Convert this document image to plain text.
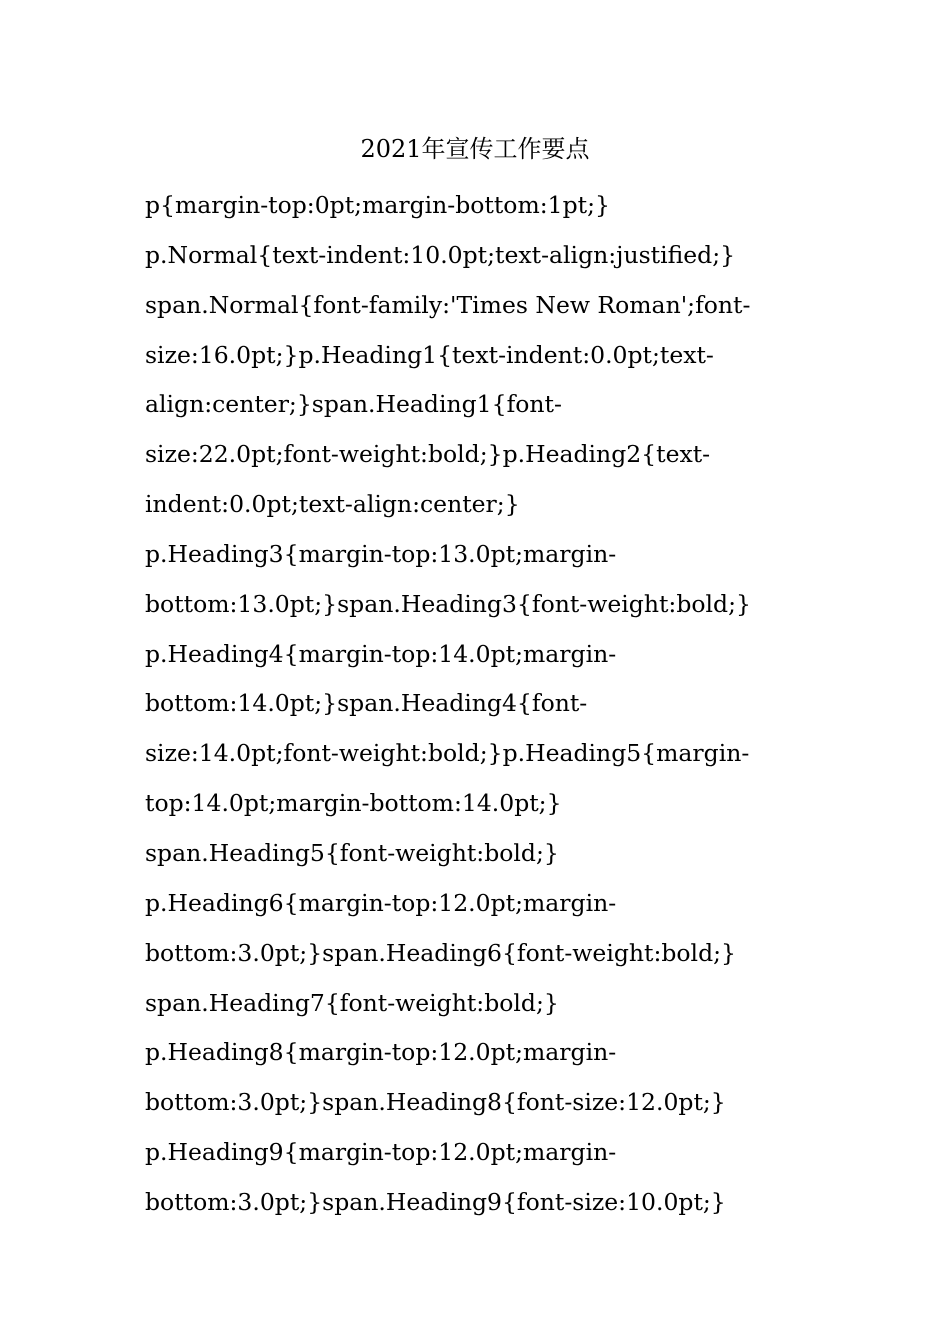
2021年宣传工作要点

p{margin-top:0pt;margin-bottom:1pt;}

p.Normal{text-indent:10.0pt;text-align:justified;}

span.Normal{font-family:'Times New Roman';font-

size:16.0pt;}p.Heading1{text-indent:0.0pt;text-

align:center;}span.Heading1{font-

size:22.0pt;font-weight:bold;}p.Heading2{text-

indent:0.0pt;text-align:center;}

p.Heading3{margin-top:13.0pt;margin-

bottom:13.0pt;}span.Heading3{font-weight:bold;}

p.Heading4{margin-top:14.0pt;margin-

bottom:14.0pt;}span.Heading4{font-

size:14.0pt;font-weight:bold;}p.Heading5{margin-

top:14.0pt;margin-bottom:14.0pt;}

span.Heading5{font-weight:bold;}

p.Heading6{margin-top:12.0pt;margin-

bottom:3.0pt;}span.Heading6{font-weight:bold;}

span.Heading7{font-weight:bold;}

p.Heading8{margin-top:12.0pt;margin-

bottom:3.0pt;}span.Heading8{font-size:12.0pt;}

p.Heading9{margin-top:12.0pt;margin-

bottom:3.0pt;}span.Heading9{font-size:10.0pt;}
